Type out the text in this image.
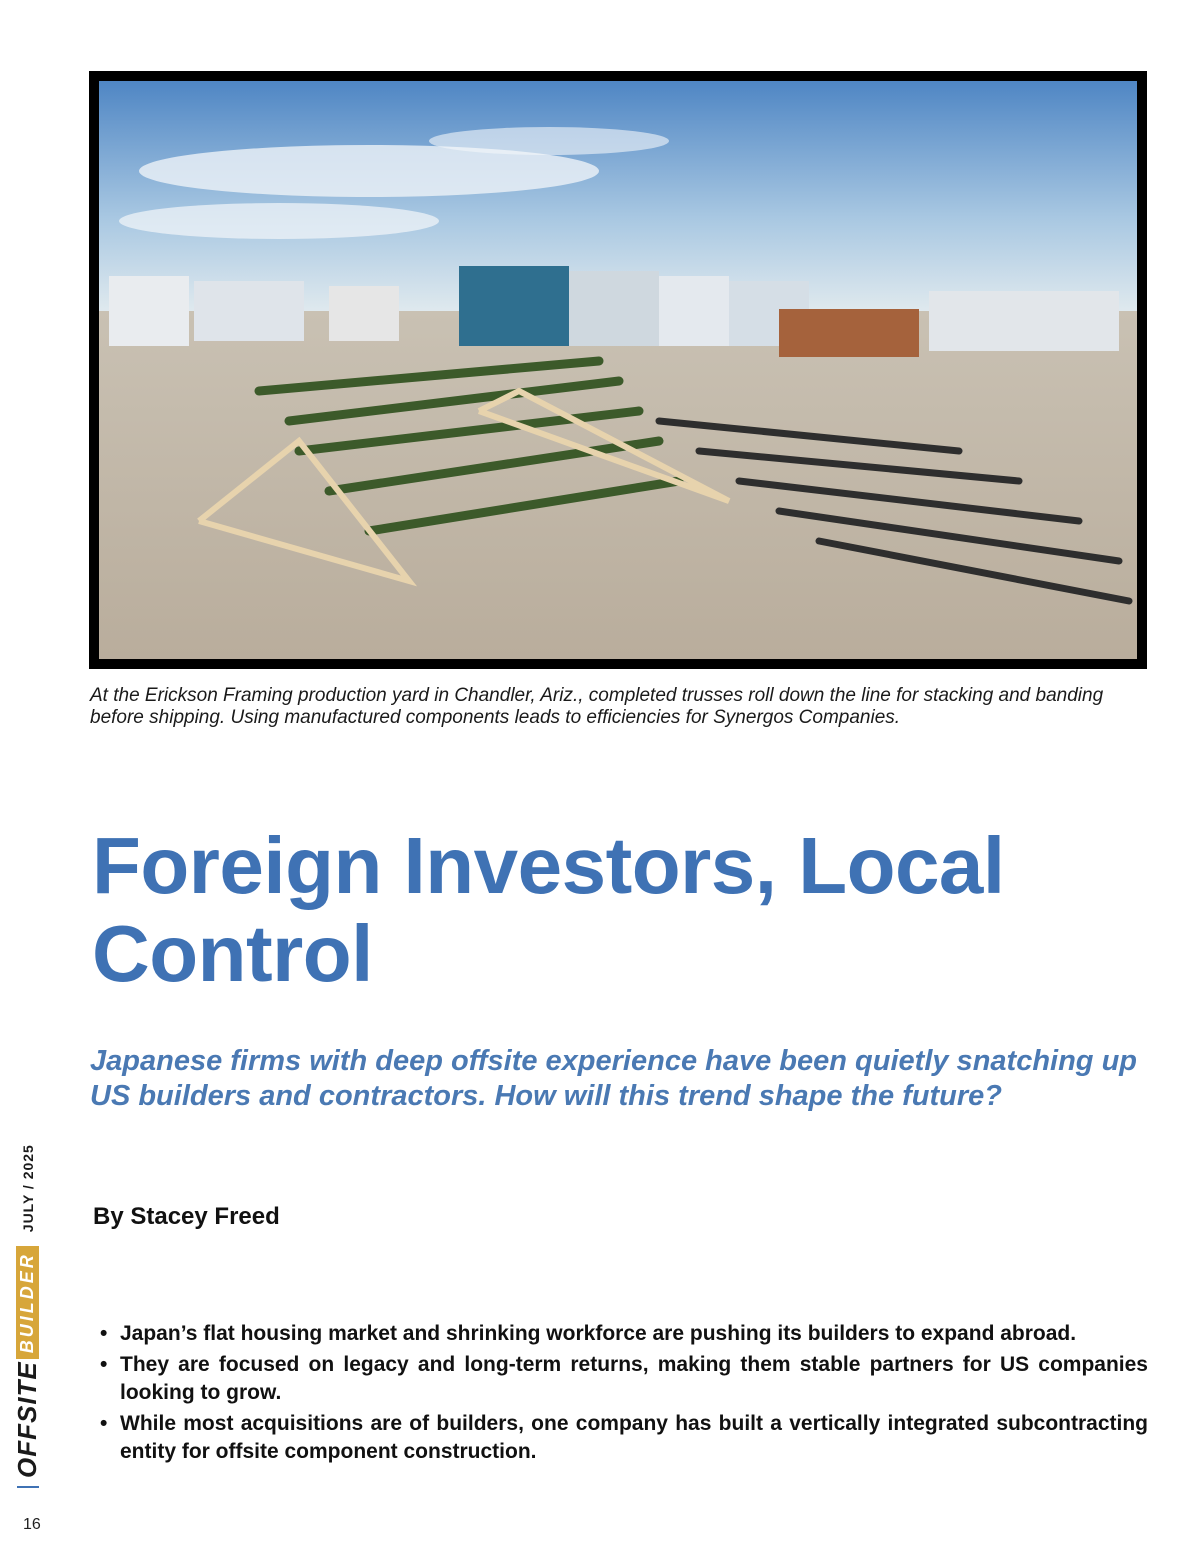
At the Erickson Framing production yard in Chandler, Ariz., completed trusses roll down the line for stacking and banding before shipping. Using manufactured components leads to efficiencies for Synergos Companies.

Foreign Investors, Local Control

Japanese firms with deep offsite experience have been quietly snatching up US builders and contractors. How will this trend shape the future?

By Stacey Freed

• Japan’s flat housing market and shrinking workforce are pushing its builders to expand abroad.
• They are focused on legacy and long-term returns, making them stable partners for US companies looking to grow.
• While most acquisitions are of builders, one company has built a vertically integrated subcontracting entity for offsite component construction.
OFFSITE
BUILDER
JULY / 2025

16
